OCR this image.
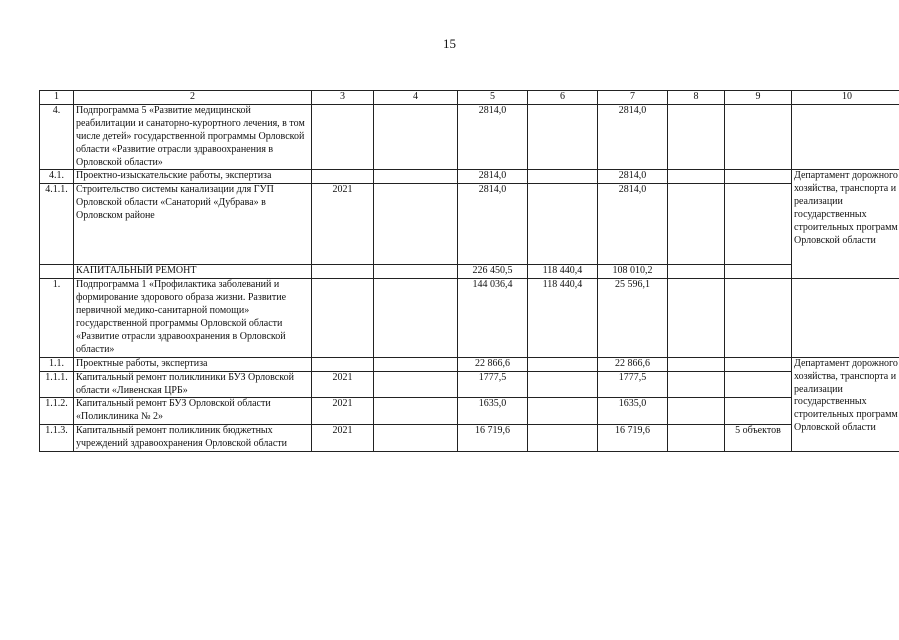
15
1	2	3	4	5	6	7	8	9	10
4.	Подпрограмма 5 «Развитие медицинской реабилитации и санаторно-курортного лечения, в том числе детей» государственной программы Орловской области «Развитие отрасли здравоохранения в Орловской области»			2814,0		2814,0			
4.1.	Проектно-изыскательские работы, экспертиза			2814,0		2814,0			Департамент дорожного хозяйства, транспорта и реализации государственных строительных программ Орловской области
4.1.1.	Строительство системы канализации для ГУП Орловской области «Санаторий «Дубрава» в Орловском районе	2021		2814,0		2814,0			
	КАПИТАЛЬНЫЙ РЕМОНТ			226 450,5	118 440,4	108 010,2			
1.	Подпрограмма 1 «Профилактика заболеваний и формирование здорового образа жизни. Развитие первичной медико-санитарной помощи» государственной программы Орловской области «Развитие отрасли здравоохранения в Орловской области»			144 036,4	118 440,4	25 596,1			
1.1.	Проектные работы, экспертиза			22 866,6		22 866,6			Департамент дорожного хозяйства, транспорта и реализации государственных строительных программ Орловской области
1.1.1.	Капитальный ремонт поликлиники БУЗ Орловской области «Ливенская ЦРБ»	2021		1777,5		1777,5			
1.1.2.	Капитальный ремонт БУЗ Орловской области «Поликлиника № 2»	2021		1635,0		1635,0			
1.1.3.	Капитальный ремонт поликлиник бюджетных учреждений здравоохранения Орловской области	2021		16 719,6		16 719,6		5 объектов	
